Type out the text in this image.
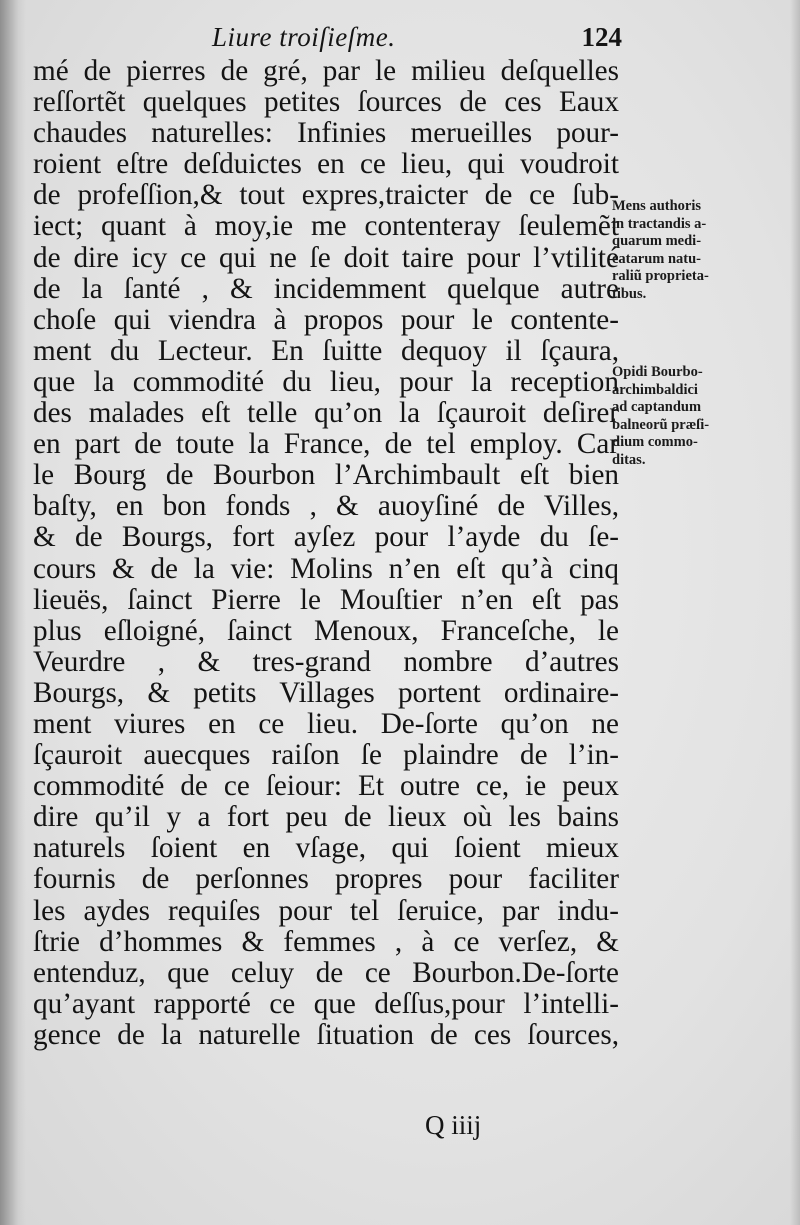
Liure troiſieſme.	124
mé de pierres de gré, par le milieu deſquelles
reſſortẽt quelques petites ſources de ces Eaux
chaudes naturelles: Infinies merueilles pour-
roient eſtre deſduictes en ce lieu, qui voudroit
de profeſſion,& tout expres,traicter de ce ſub-
iect; quant à moy,ie me contenteray ſeulemẽt
de dire icy ce qui ne ſe doit taire pour l’vtilité
de la ſanté , & incidemment quelque autre
choſe qui viendra à propos pour le contente-
ment du Lecteur. En ſuitte dequoy il ſçaura,
que la commodité du lieu, pour la reception
des malades eſt telle qu’on la ſçauroit deſirer
en part de toute la France, de tel employ. Car
le Bourg de Bourbon l’Archimbault eſt bien
baſty, en bon fonds , & auoyſiné de Villes,
& de Bourgs, fort ayſez pour l’ayde du ſe-
cours & de la vie: Molins n’en eſt qu’à cinq
lieuës, ſainct Pierre le Mouſtier n’en eſt pas
plus eſloigné, ſainct Menoux, Franceſche, le
Veurdre , & tres-grand nombre d’autres
Bourgs, & petits Villages portent ordinaire-
ment viures en ce lieu. De-ſorte qu’on ne
ſçauroit auecques raiſon ſe plaindre de l’in-
commodité de ce ſeiour: Et outre ce, ie peux
dire qu’il y a fort peu de lieux où les bains
naturels ſoient en vſage, qui ſoient mieux
fournis de perſonnes propres pour faciliter
les aydes requiſes pour tel ſeruice, par indu-
ſtrie d’hommes & femmes , à ce verſez, &
entenduz, que celuy de ce Bourbon.De-ſorte
qu’ayant rapporté ce que deſſus,pour l’intelli-
gence de la naturelle ſituation de ces ſources,
Mens authoris
in tractandis a-
quarum medi-
catarum natu-
raliũ proprieta-
tibus.
Opidi Bourbo-
archimbaldici
ad captandum
balneorũ præſi-
dium commo-
ditas.
Q iiij
